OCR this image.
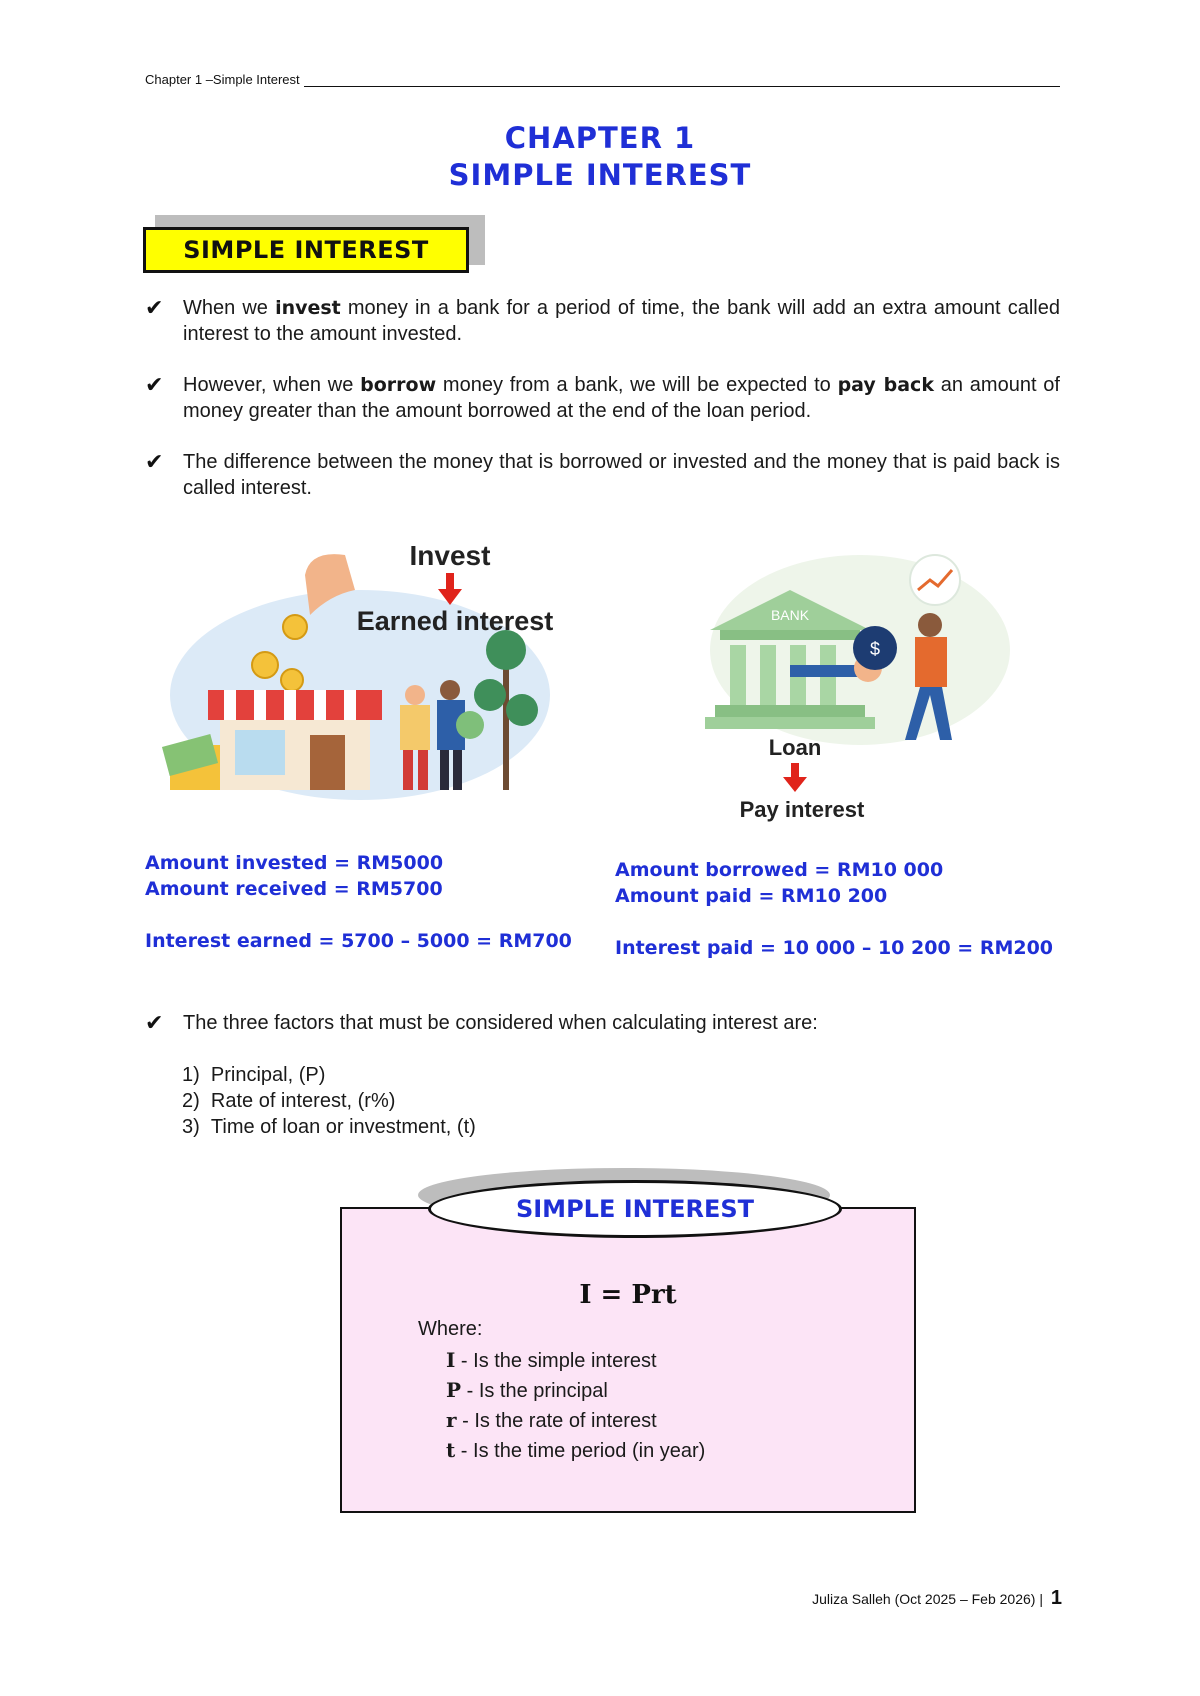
Chapter 1 –Simple Interest
CHAPTER 1
SIMPLE INTEREST
SIMPLE INTEREST
✔ When we invest money in a bank for a period of time, the bank will add an extra amount called interest to the amount invested.
✔ However, when we borrow money from a bank, we will be expected to pay back an amount of money greater than the amount borrowed at the end of the loan period.
✔ The difference between the money that is borrowed or invested and the money that is paid back is called interest.
Invest
Earned interest	BANK
$
Loan
Pay interest
Amount invested = RM5000
Amount received = RM5700
Interest earned = 5700 – 5000 = RM700
Amount borrowed = RM10 000
Amount paid = RM10 200
Interest paid = 10 000 – 10 200 = RM200
✔ The three factors that must be considered when calculating interest are:
1)  Principal, (P)
2)  Rate of interest, (r%)
3)  Time of loan or investment, (t)
SIMPLE INTEREST
I = Prt
Where:
I - Is the simple interest
P - Is the principal
r - Is the rate of interest
t - Is the time period (in year)
Juliza Salleh (Oct 2025 – Feb 2026) | 1
